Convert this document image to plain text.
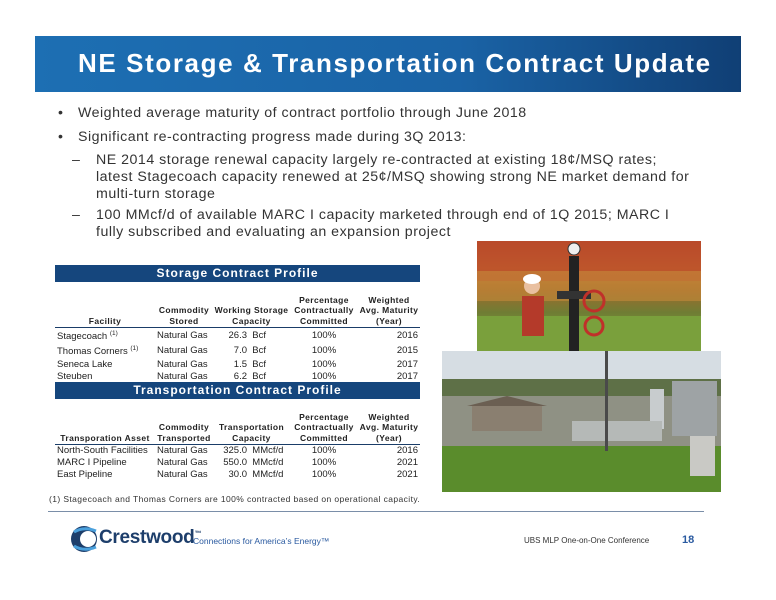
NE Storage & Transportation Contract Update
• Weighted average maturity of contract portfolio through June 2018
• Significant re-contracting progress made during 3Q 2013:
– NE 2014 storage renewal capacity largely re-contracted at existing 18¢/MSQ rates; latest Stagecoach capacity renewed at 25¢/MSQ showing strong NE market demand for multi-turn storage
– 100 MMcf/d of available MARC I capacity marketed through end of 1Q 2015; MARC I fully subscribed and evaluating an expansion project
Storage Contract Profile
Facility	Commodity Stored	Working Storage Capacity	Percentage Contractually Committed	Weighted Avg. Maturity (Year)
Stagecoach $^{(1)}$	Natural Gas	26.3 Bcf	100%	2016
Thomas Corners $^{(1)}$	Natural Gas	7.0 Bcf	100%	2015
Seneca Lake	Natural Gas	1.5 Bcf	100%	2017
Steuben	Natural Gas	6.2 Bcf	100%	2017
Transportation Contract Profile
Transporation Asset	Commodity Transported	Transportation Capacity	Percentage Contractually Committed	Weighted Avg. Maturity (Year)
North-South Facilities	Natural Gas	325.0 MMcf/d	100%	2016
MARC I Pipeline	Natural Gas	550.0 MMcf/d	100%	2021
East Pipeline	Natural Gas	30.0 MMcf/d	100%	2021
(1) Stagecoach and Thomas Corners are 100% contracted based on operational capacity.
Crestwood™
Connections for America’s Energy™	UBS MLP One-on-One Conference	18
